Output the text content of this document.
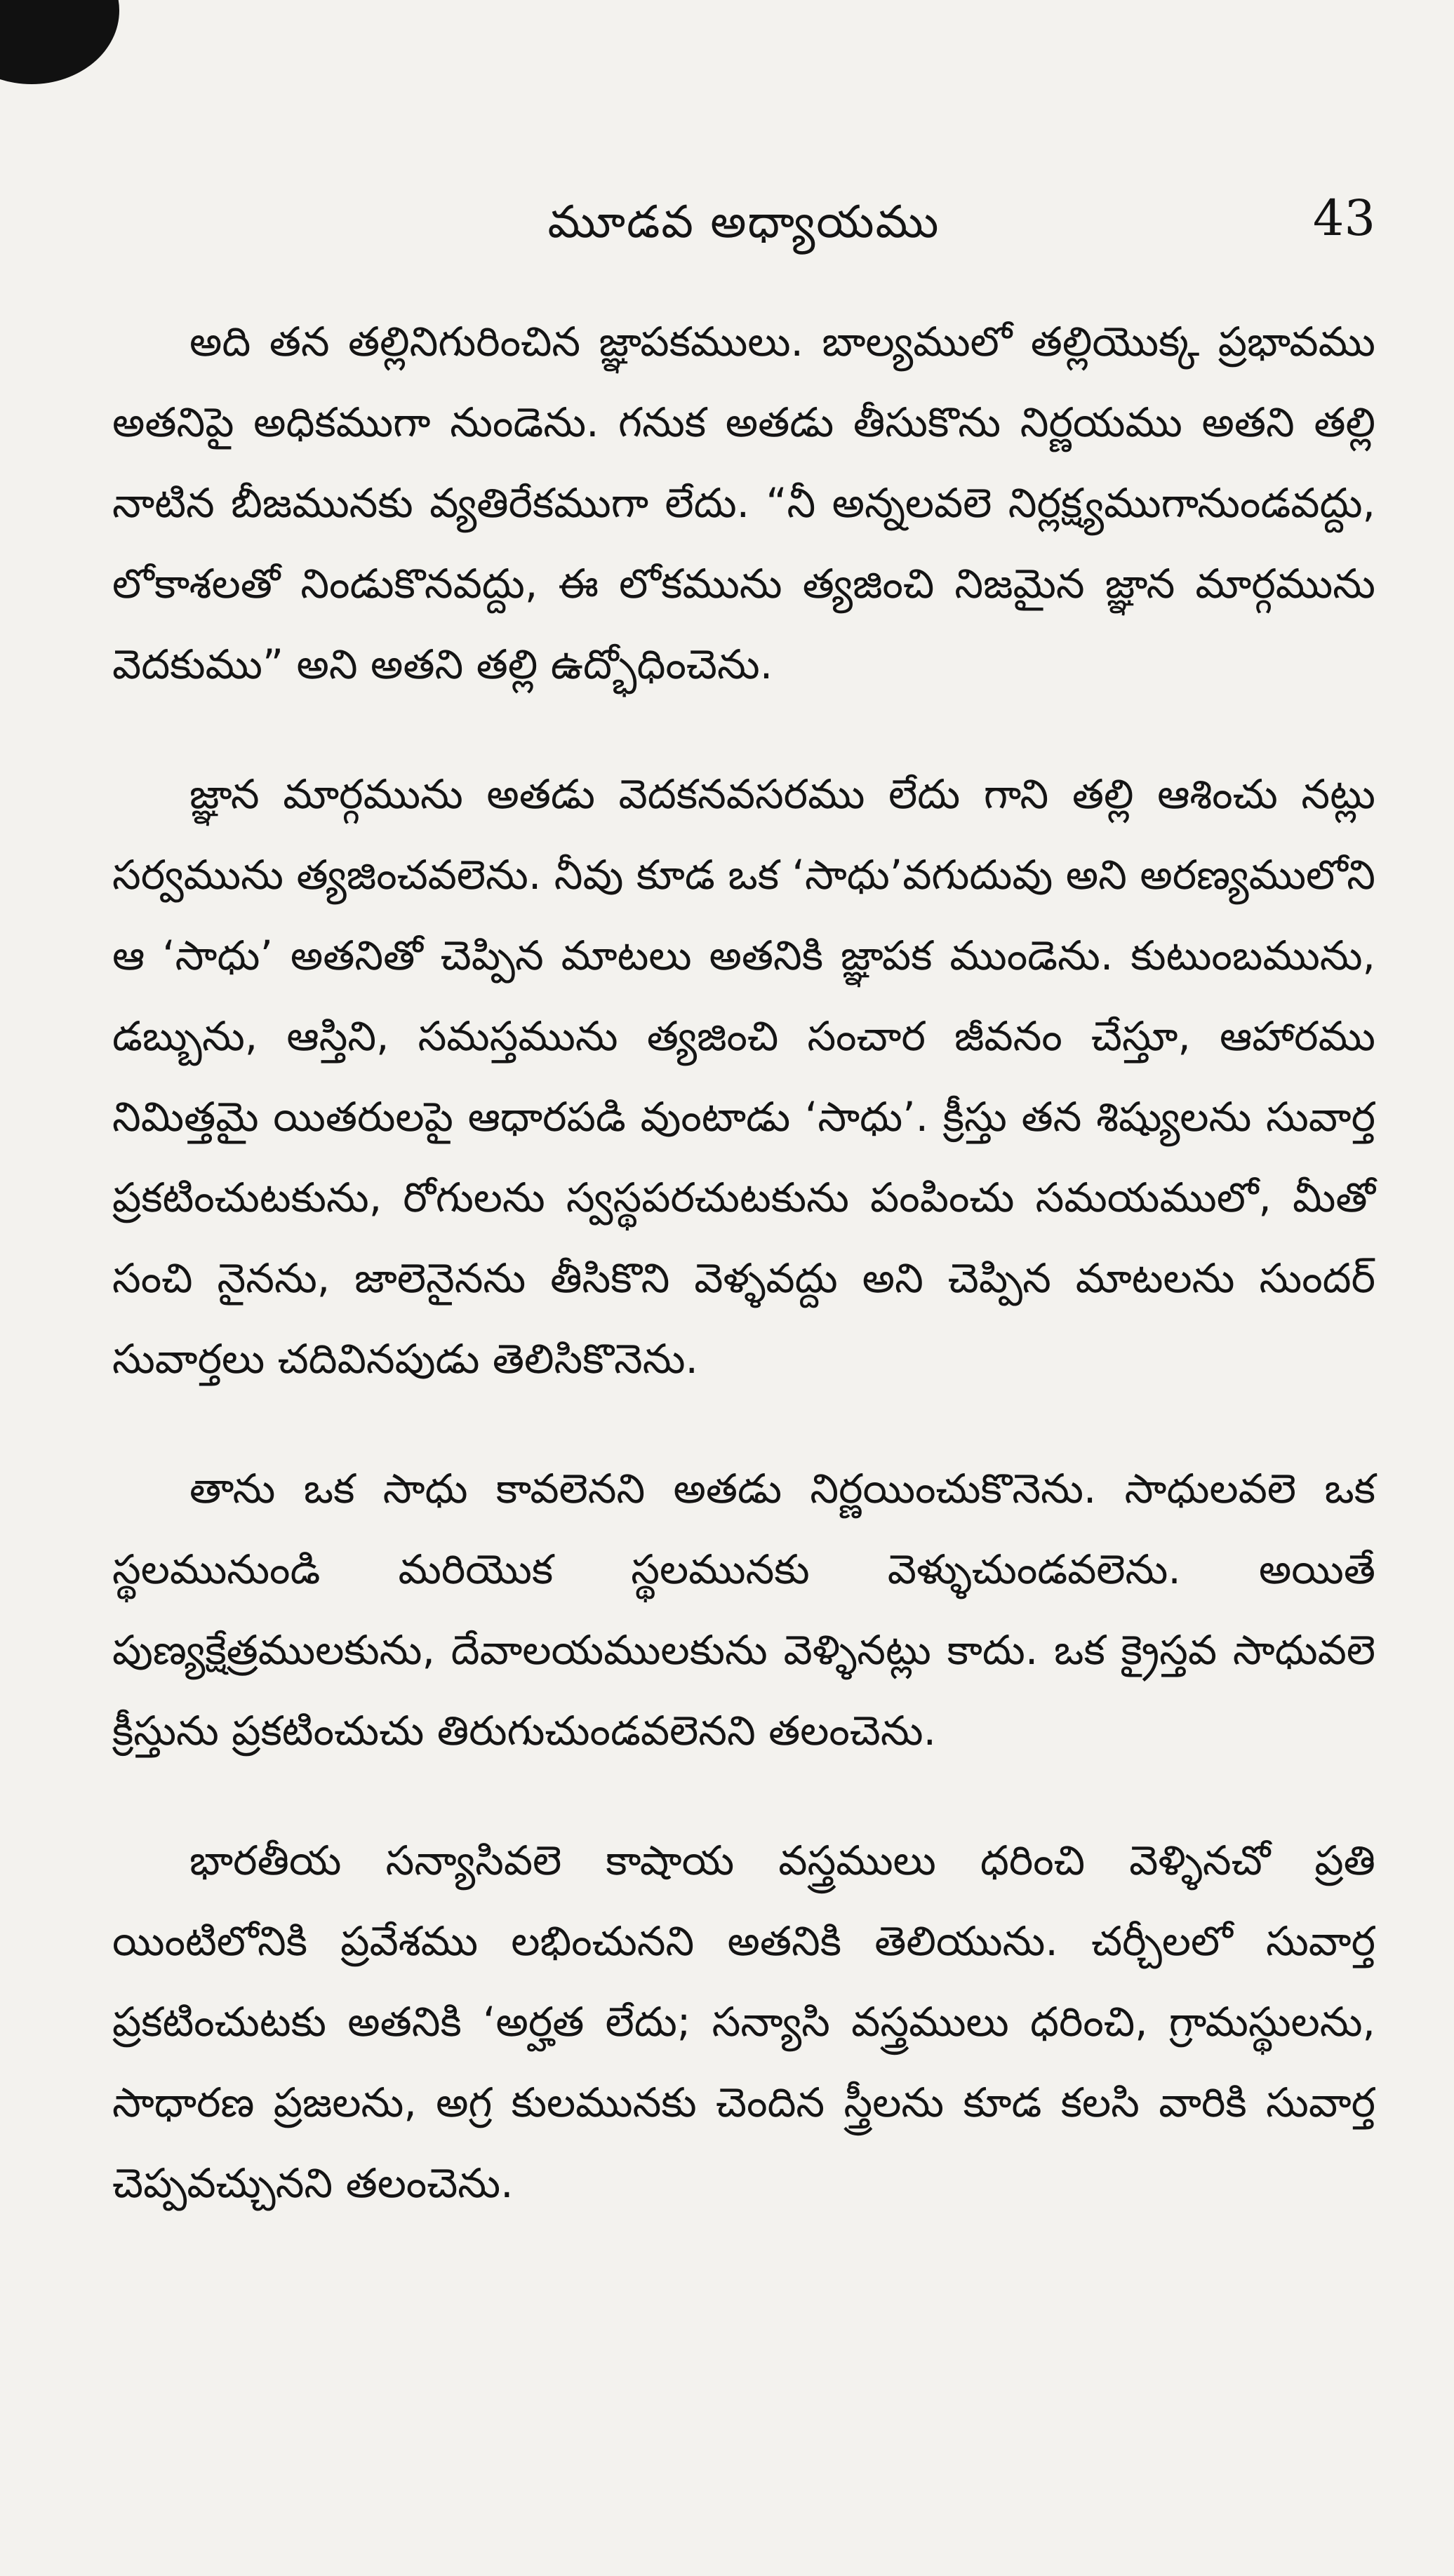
మూడవ అధ్యాయము	43

అది తన తల్లినిగురించిన జ్ఞాపకములు. బాల్యములో తల్లియొక్క ప్రభావము అతనిపై అధికముగా నుండెను. గనుక అతడు తీసుకొను నిర్ణయము అతని తల్లి నాటిన బీజమునకు వ్యతిరేకముగా లేదు. “నీ అన్నలవలె నిర్లక్ష్యముగానుండవద్దు, లోకాశలతో నిండుకొనవద్దు, ఈ లోకమును త్యజించి నిజమైన జ్ఞాన మార్గమును వెదకుము” అని అతని తల్లి ఉద్భోధించెను.

జ్ఞాన మార్గమును అతడు వెదకనవసరము లేదు గాని తల్లి ఆశించు నట్లు సర్వమును త్యజించవలెను. నీవు కూడ ఒక ‘సాధు’వగుదువు అని అరణ్యములోని ఆ ‘సాధు’ అతనితో చెప్పిన మాటలు అతనికి జ్ఞాపక ముండెను. కుటుంబమును, డబ్బును, ఆస్తిని, సమస్తమును త్యజించి సంచార జీవనం చేస్తూ, ఆహారము నిమిత్తమై యితరులపై ఆధారపడి వుంటాడు ‘సాధు’. క్రీస్తు తన శిష్యులను సువార్త ప్రకటించుటకును, రోగులను స్వస్థపరచుటకును పంపించు సమయములో, మీతో సంచి నైనను, జాలెనైనను తీసికొని వెళ్ళవద్దు అని చెప్పిన మాటలను సుందర్ సువార్తలు చదివినపుడు తెలిసికొనెను.

తాను ఒక సాధు కావలెనని అతడు నిర్ణయించుకొనెను. సాధులవలె ఒక స్థలమునుండి మరియొక స్థలమునకు వెళ్ళుచుండవలెను. అయితే పుణ్యక్షేత్రములకును, దేవాలయములకును వెళ్ళినట్లు కాదు. ఒక క్రైస్తవ సాధువలె క్రీస్తును ప్రకటించుచు తిరుగుచుండవలెనని తలంచెను.

భారతీయ సన్యాసివలె కాషాయ వస్త్రములు ధరించి వెళ్ళినచో ప్రతి యింటిలోనికి ప్రవేశము లభించునని అతనికి తెలియును. చర్చీలలో సువార్త ప్రకటించుటకు అతనికి ‘అర్హత లేదు; సన్యాసి వస్త్రములు ధరించి, గ్రామస్థులను, సాధారణ ప్రజలను, అగ్ర కులమునకు చెందిన స్త్రీలను కూడ కలసి వారికి సువార్త చెప్పవచ్చునని తలంచెను.
